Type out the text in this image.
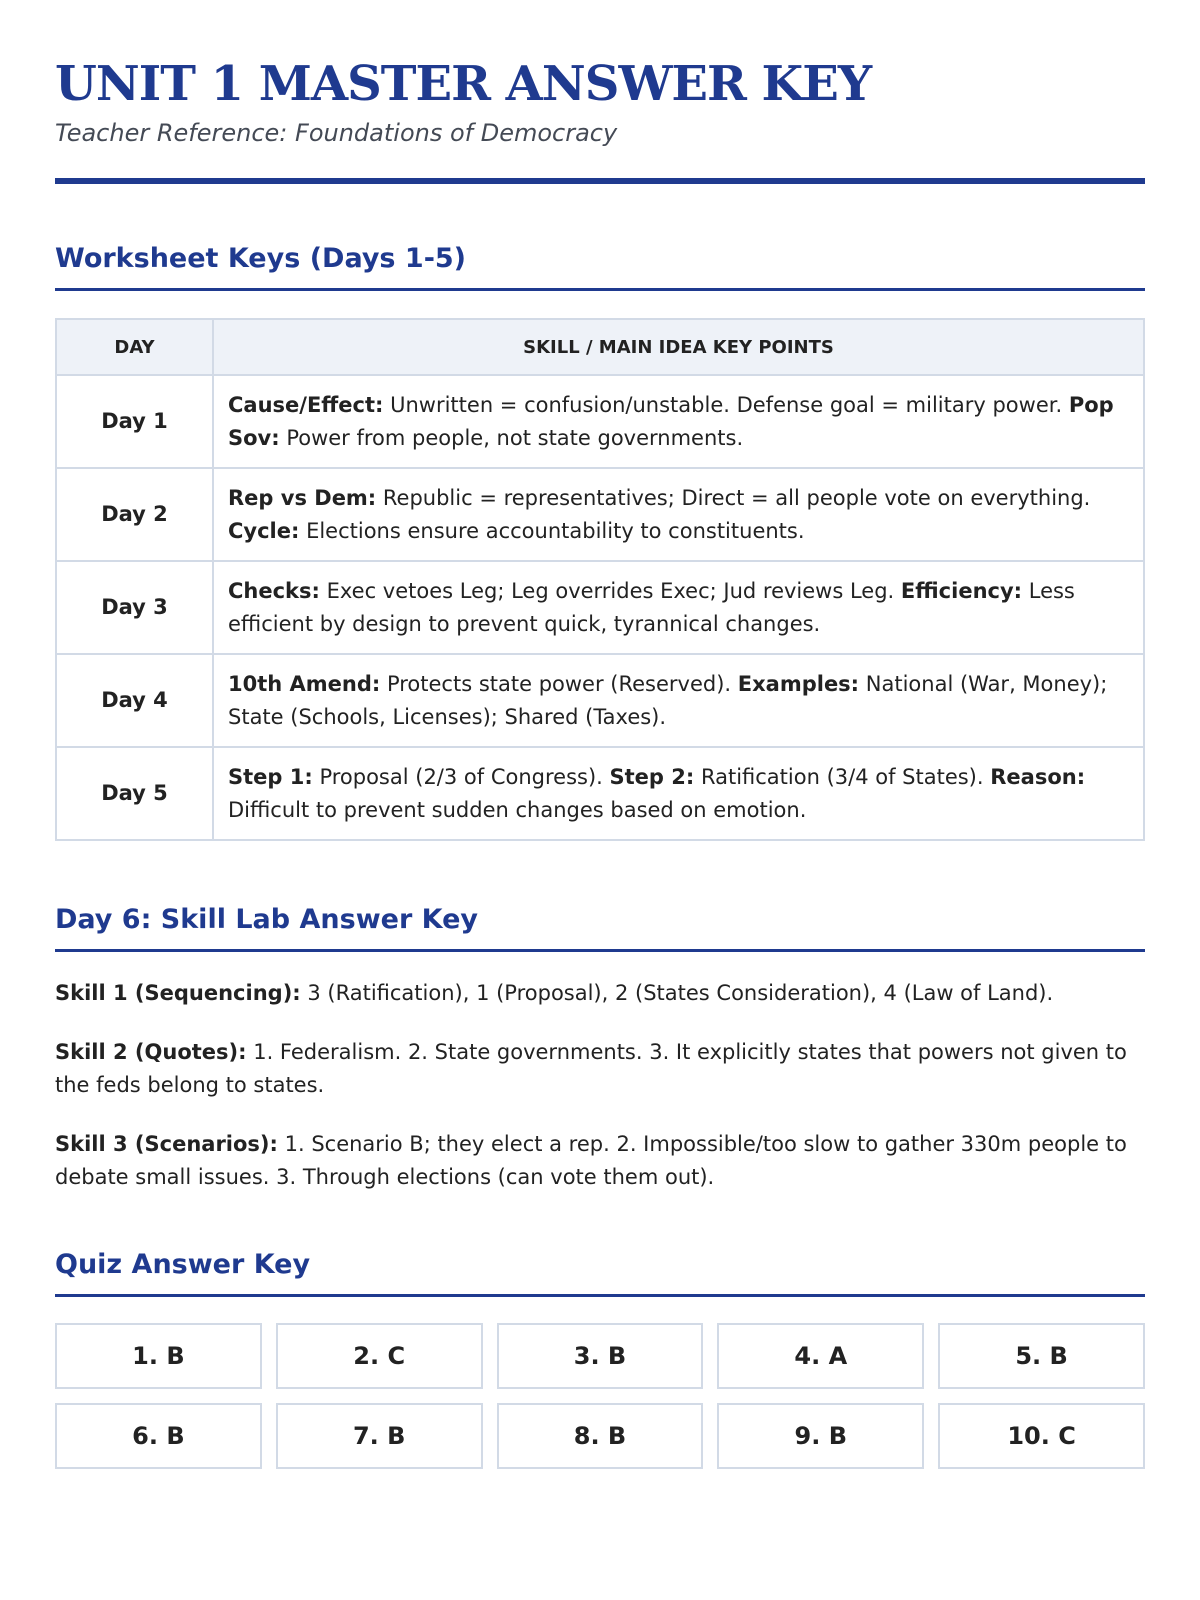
UNIT 1 MASTER ANSWER KEY
Teacher Reference: Foundations of Democracy
Worksheet Keys (Days 1-5)
DAY	SKILL / MAIN IDEA KEY POINTS
Day 1	Cause/Effect: Unwritten = confusion/unstable. Defense goal = military power. Pop Sov: Power from people, not state governments.
Day 2	Rep vs Dem: Republic = representatives; Direct = all people vote on everything. Cycle: Elections ensure accountability to constituents.
Day 3	Checks: Exec vetoes Leg; Leg overrides Exec; Jud reviews Leg. Efficiency: Less efficient by design to prevent quick, tyrannical changes.
Day 4	10th Amend: Protects state power (Reserved). Examples: National (War, Money); State (Schools, Licenses); Shared (Taxes).
Day 5	Step 1: Proposal (2/3 of Congress). Step 2: Ratification (3/4 of States). Reason: Difficult to prevent sudden changes based on emotion.
Day 6: Skill Lab Answer Key

Skill 1 (Sequencing): 3 (Ratification), 1 (Proposal), 2 (States Consideration), 4 (Law of Land).

Skill 2 (Quotes): 1. Federalism. 2. State governments. 3. It explicitly states that powers not given to the feds belong to states.

Skill 3 (Scenarios): 1. Scenario B; they elect a rep. 2. Impossible/too slow to gather 330m people to debate small issues. 3. Through elections (can vote them out).

Quiz Answer Key
1. B	2. C	3. B	4. A	5. B
6. B	7. B	8. B	9. B	10. C
